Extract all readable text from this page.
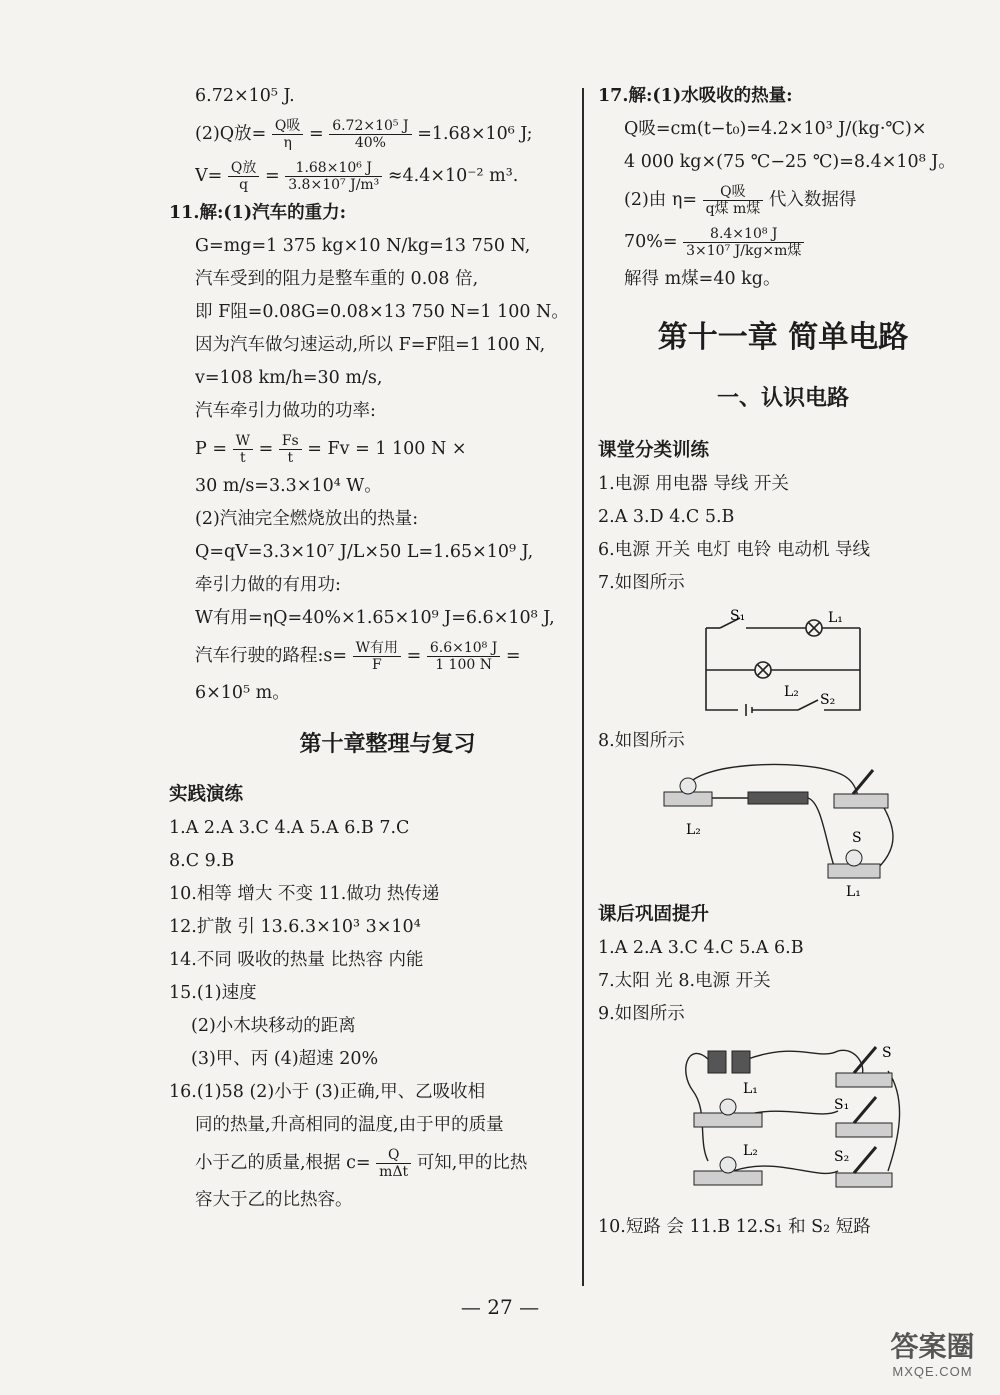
6.72×10⁵ J.
(2)Q放= $\frac{\text{Q吸}}{\eta} = \frac{\text{6.72×10⁵ J}}{40\%} =1.68\times 10^6$ J;
$V= \frac{\text{Q放}}{q} = \frac{\text{1.68×10⁶ J}}{\text{3.8×10⁷ J/m³}} \approx 4.4\times 10^{-2}$ m³.
11.解:(1)汽车的重力:
G=mg=1 375 kg×10 N/kg=13 750 N,
汽车受到的阻力是整车重的 0.08 倍,
即 F阻=0.08G=0.08×13 750 N=1 100 N。
因为汽车做匀速运动,所以 F=F阻=1 100 N,
v=108 km/h=30 m/s,
汽车牵引力做功的功率:
$P = \frac{W}{t} = \frac{Fs}{t} = Fv = 1$ 100 N ×
30 m/s=3.3×10⁴ W。
(2)汽油完全燃烧放出的热量:
Q=qV=3.3×10⁷ J/L×50 L=1.65×10⁹ J,
牵引力做的有用功:
W有用=ηQ=40%×1.65×10⁹ J=6.6×10⁸ J,
汽车行驶的路程:s= $\frac{\text{W有用}}{F} = \frac{\text{6.6×10⁸ J}}{1 100 N}$ =
6×10⁵ m。
第十章整理与复习
实践演练
1.A 2.A 3.C 4.A 5.A 6.B 7.C
8.C 9.B
10.相等 增大 不变 11.做功 热传递
12.扩散 引 13.6.3×10³ 3×10⁴
14.不同 吸收的热量 比热容 内能
15.(1)速度
(2)小木块移动的距离
(3)甲、丙 (4)超速 20%
16.(1)58 (2)小于 (3)正确,甲、乙吸收相
同的热量,升高相同的温度,由于甲的质量
小于乙的质量,根据 $c= \frac{Q}{\text{mΔt}}$ 可知,甲的比热
容大于乙的比热容。
17.解:(1)水吸收的热量:
Q吸=cm(t−t₀)=4.2×10³ J/(kg·℃)×
4 000 kg×(75 ℃−25 ℃)=8.4×10⁸ J。
(2)由 $\eta= \frac{\text{Q吸}}{\text{q煤 m煤}}$ 代入数据得
$70\%= \frac{\text{8.4×10⁸ J}}{\text{3×10⁷ J/kg×m煤}}$
解得 m煤=40 kg。
第十一章 简单电路
一、认识电路
课堂分类训练
1.电源 用电器 导线 开关
2.A 3.D 4.C 5.B
6.电源 开关 电灯 电铃 电动机 导线
7.如图所示
S₁	L₁
L₂ S₂
8.如图所示
L₂	S
L₁
课后巩固提升
1.A 2.A 3.C 4.C 5.A 6.B
7.太阳 光 8.电源 开关
9.如图所示
S
L₁
S₁
L₂	S₂
10.短路 会 11.B 12.S₁ 和 S₂ 短路
— 27 —
答案圈
MXQE.COM
